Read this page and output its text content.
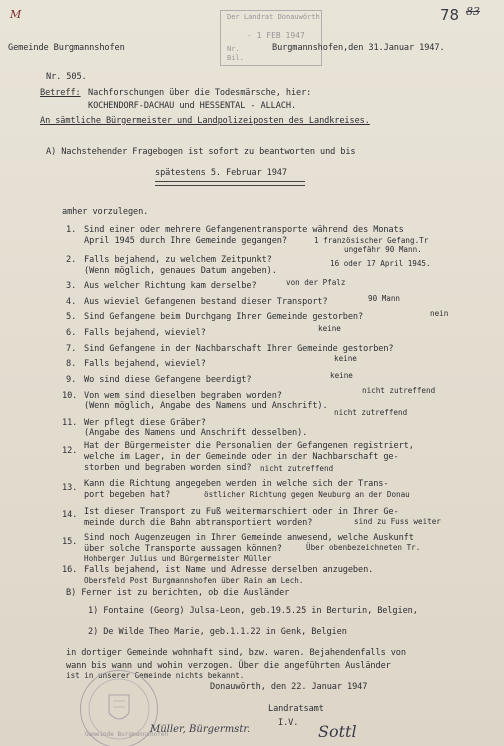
M	78 83
Der Landrat Donauwörth
- 1 FEB 1947
Nr.
Bil.
Gemeinde Burgmannshofen	Burgmannshofen,den 31.Januar 1947.
Nr. 505.
Betreff: Nachforschungen über die Todesmärsche, hier:
KOCHENDORF-DACHAU und HESSENTAL - ALLACH.
An sämtliche Bürgermeister und Landpolizeiposten des Landkreises.
A) Nachstehender Fragebogen ist sofort zu beantworten und bis
spätestens 5. Februar 1947
amher vorzulegen.
1. Sind einer oder mehrere Gefangenentransporte während des Monats
April 1945 durch Ihre Gemeinde gegangen?	1 französischer Gefang.Tr
ungefähr 90 Mann.
2. Falls bejahend, zu welchem Zeitpunkt?
(Wenn möglich, genaues Datum angeben).
16 oder 17 April 1945.
3. Aus welcher Richtung kam derselbe?	von der Pfalz
4. Aus wieviel Gefangenen bestand dieser Transport?	90 Mann
5. Sind Gefangene beim Durchgang Ihrer Gemeinde gestorben?	nein
6. Falls bejahend, wieviel?	keine
7. Sind Gefangene in der Nachbarschaft Ihrer Gemeinde gestorben?
8. Falls bejahend, wieviel?
keine
9. Wo sind diese Gefangene beerdigt?	keine
10. Von wem sind dieselben begraben worden?
(Wenn möglich, Angabe des Namens und Anschrift).
nicht zutreffend
11. Wer pflegt diese Gräber?
(Angabe des Namens und Anschrift desselben).
nicht zutreffend
12. Hat der Bürgermeister die Personalien der Gefangenen registriert,
welche im Lager, in der Gemeinde oder in der Nachbarschaft ge-
storben und begraben worden sind? nicht zutreffend
13. Kann die Richtung angegeben werden in welche sich der Trans-
port begeben hat?	östlicher Richtung gegen Neuburg an der Donau
14. Ist dieser Transport zu Fuß weitermarschiert oder in Ihrer Ge-
meinde durch die Bahn abtransportiert worden?	sind zu Fuss weiter
15. Sind noch Augenzeugen in Ihrer Gemeinde anwesend, welche Auskunft
über solche Transporte aussagen können?	Über obenbezeichneten Tr.
Hohberger Julius und Bürgermeister Müller
16. Falls bejahend, ist Name und Adresse derselben anzugeben.
Obersfeld Post Burgmannshofen über Rain am Lech.
B) Ferner ist zu berichten, ob die Ausländer
1) Fontaine (Georg) Julsa-Leon, geb.19.5.25 in Berturin, Belgien,
2) De Wilde Theo Marie, geb.1.1.22 in Genk, Belgien
in dortiger Gemeinde wohnhaft sind, bzw. waren. Bejahendenfalls von
wann bis wann und wohin verzogen. Über die angeführten Ausländer
ist in unserer Gemeinde nichts bekannt.
Donauwörth, den 22. Januar 1947
Landratsamt
I.V. Sottl
Gemeinde Burgmannshofen
Müller, Bürgermstr.
